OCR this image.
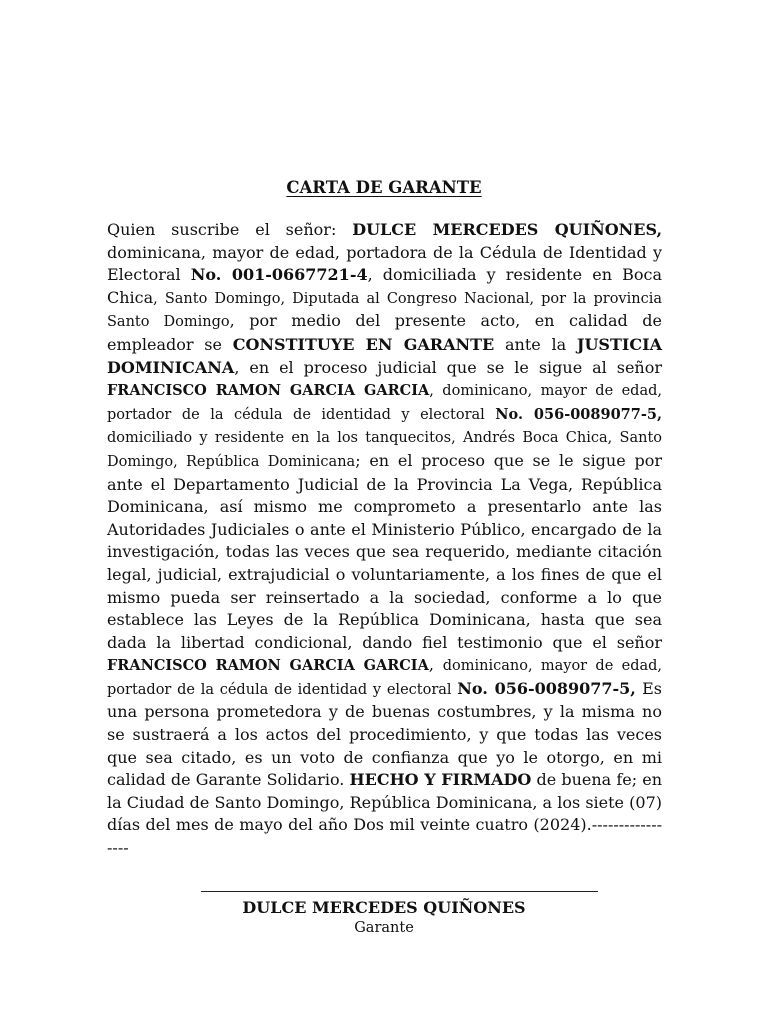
CARTA DE GARANTE
Quien suscribe el señor: DULCE MERCEDES QUIÑONES, dominicana, mayor de edad, portadora de la Cédula de Identidad y Electoral No. 001-0667721-4, domiciliada y residente en Boca Chica, Santo Domingo, Diputada al Congreso Nacional, por la provincia Santo Domingo, por medio del presente acto, en calidad de empleador se CONSTITUYE EN GARANTE ante la JUSTICIA DOMINICANA, en el proceso judicial que se le sigue al señor FRANCISCO RAMON GARCIA GARCIA, dominicano, mayor de edad, portador de la cédula de identidad y electoral No. 056-0089077-5, domiciliado y residente en la los tanquecitos, Andrés Boca Chica, Santo Domingo, República Dominicana; en el proceso que se le sigue por ante el Departamento Judicial de la Provincia La Vega, República Dominicana, así mismo me comprometo a presentarlo ante las Autoridades Judiciales o ante el Ministerio Público, encargado de la investigación, todas las veces que sea requerido, mediante citación legal, judicial, extrajudicial o voluntariamente, a los fines de que el mismo pueda ser reinsertado a la sociedad, conforme a lo que establece las Leyes de la República Dominicana, hasta que sea dada la libertad condicional, dando fiel testimonio que el señor FRANCISCO RAMON GARCIA GARCIA, dominicano, mayor de edad, portador de la cédula de identidad y electoral No. 056-0089077-5, Es una persona prometedora y de buenas costumbres, y la misma no se sustraerá a los actos del procedimiento, y que todas las veces que sea citado, es un voto de confianza que yo le otorgo, en mi calidad de Garante Solidario. HECHO Y FIRMADO de buena fe; en la Ciudad de Santo Domingo, República Dominicana, a los siete (07) días del mes de mayo del año Dos mil veinte cuatro (2024).-----------------
DULCE MERCEDES QUIÑONES
Garante
